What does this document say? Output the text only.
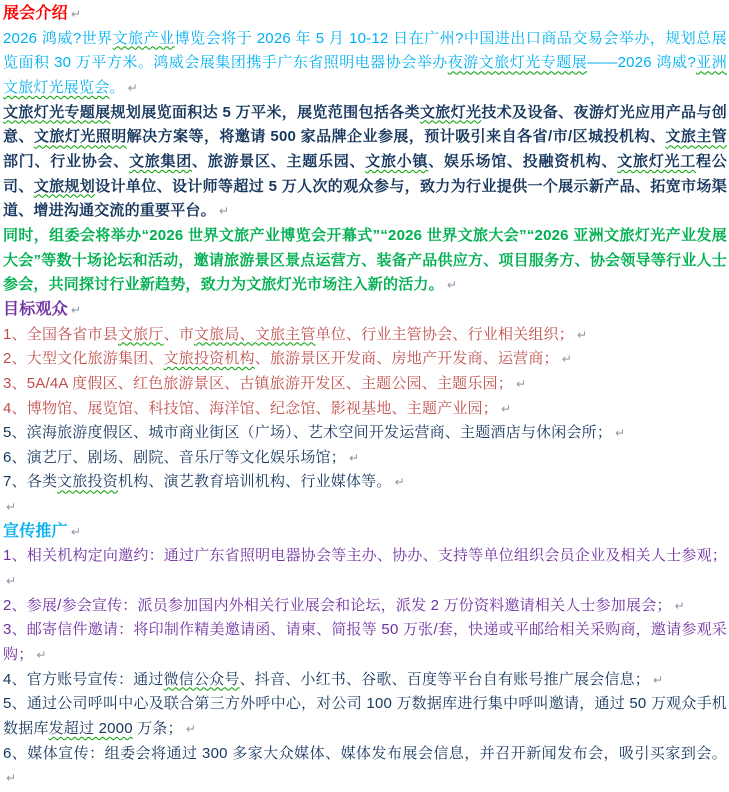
展会介绍 ↵

2026 鸿威?世界文旅产业博览会将于 2026 年 5 月 10-12 日在广州?中国进出口商品交易会举办，规划总展览面积 30 万平方米。鸿威会展集团携手广东省照明电器协会举办夜游文旅灯光专题展——2026 鸿威?亚洲文旅灯光展览会。 ↵

文旅灯光专题展规划展览面积达 5 万平米，展览范围包括各类文旅灯光技术及设备、夜游灯光应用产品与创意、文旅灯光照明解决方案等，将邀请 500 家品牌企业参展，预计吸引来自各省/市/区城投机构、文旅主管部门、行业协会、文旅集团、旅游景区、主题乐园、文旅小镇、娱乐场馆、投融资机构、文旅灯光工程公司、文旅规划设计单位、设计师等超过 5 万人次的观众参与，致力为行业提供一个展示新产品、拓宽市场渠道、增进沟通交流的重要平台。 ↵

同时，组委会将举办“2026 世界文旅产业博览会开幕式”“2026 世界文旅大会”“2026 亚洲文旅灯光产业发展大会”等数十场论坛和活动，邀请旅游景区景点运营方、装备产品供应方、项目服务方、协会领导等行业人士参会，共同探讨行业新趋势，致力为文旅灯光市场注入新的活力。 ↵

目标观众 ↵

1、全国各省市县文旅厅、市文旅局、文旅主管单位、行业主管协会、行业相关组织； ↵

2、大型文化旅游集团、文旅投资机构、旅游景区开发商、房地产开发商、运营商； ↵

3、5A/4A 度假区、红色旅游景区、古镇旅游开发区、主题公园、主题乐园； ↵

4、博物馆、展览馆、科技馆、海洋馆、纪念馆、影视基地、主题产业园； ↵

5、滨海旅游度假区、城市商业街区（广场）、艺术空间开发运营商、主题酒店与休闲会所； ↵

6、演艺厅、剧场、剧院、音乐厅等文化娱乐场馆； ↵

7、各类文旅投资机构、演艺教育培训机构、行业媒体等。 ↵

↵

宣传推广 ↵

1、相关机构定向邀约：通过广东省照明电器协会等主办、协办、支持等单位组织会员企业及相关人士参观；↵

2、参展/参会宣传：派员参加国内外相关行业展会和论坛，派发 2 万份资料邀请相关人士参加展会； ↵

3、邮寄信件邀请：将印制作精美邀请函、请柬、简报等 50 万张/套，快递或平邮给相关采购商，邀请参观采购； ↵

4、官方账号宣传：通过微信公众号、抖音、小红书、谷歌、百度等平台自有账号推广展会信息； ↵

5、通过公司呼叫中心及联合第三方外呼中心，对公司 100 万数据库进行集中呼叫邀请，通过 50 万观众手机数据库发超过 2000 万条； ↵

6、媒体宣传：组委会将通过 300 多家大众媒体、媒体发布展会信息，并召开新闻发布会，吸引买家到会。↵
